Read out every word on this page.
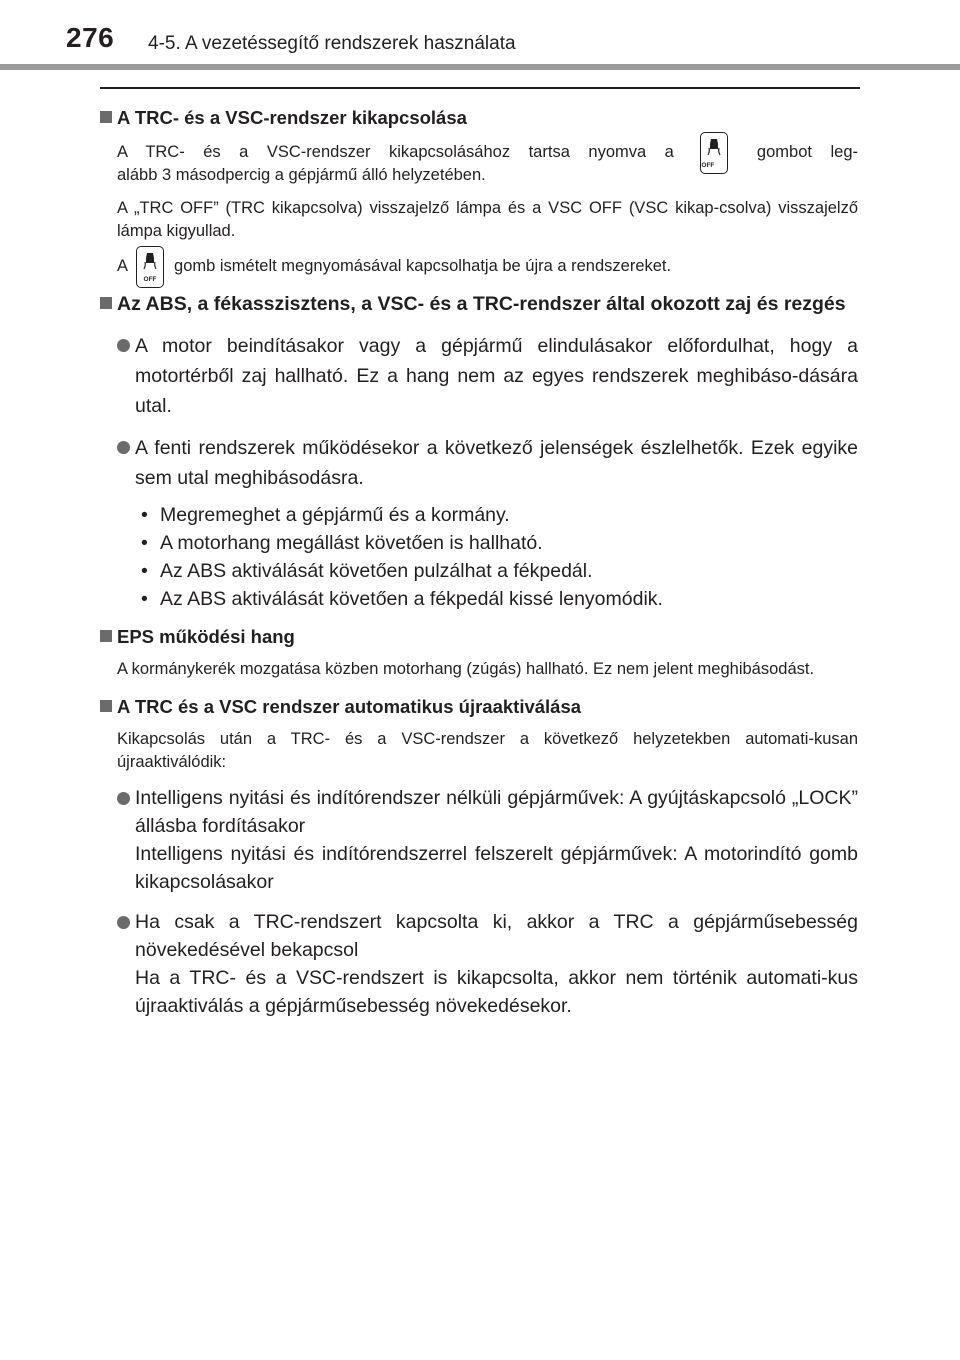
276 4-5. A vezetéssegítő rendszerek használata
A TRC- és a VSC-rendszer kikapcsolása
A TRC- és a VSC-rendszer kikapcsolásához tartsa nyomva a
OFF
gombot leg-
alább 3 másodpercig a gépjármű álló helyzetében.
A „TRC OFF” (TRC kikapcsolva) visszajelző lámpa és a VSC OFF (VSC kikap-csolva) visszajelző lámpa kigyullad.
A
OFF
gomb ismételt megnyomásával kapcsolhatja be újra a rendszereket.
Az ABS, a fékasszisztens, a VSC- és a TRC-rendszer által okozott zaj és rezgés
A motor beindításakor vagy a gépjármű elindulásakor előfordulhat, hogy a motortérből zaj hallható. Ez a hang nem az egyes rendszerek meghibáso-dására utal.
A fenti rendszerek működésekor a következő jelenségek észlelhetők. Ezek egyike sem utal meghibásodásra.
• Megremeghet a gépjármű és a kormány.
• A motorhang megállást követően is hallható.
• Az ABS aktiválását követően pulzálhat a fékpedál.
• Az ABS aktiválását követően a fékpedál kissé lenyomódik.
EPS működési hang
A kormánykerék mozgatása közben motorhang (zúgás) hallható. Ez nem jelent meghibásodást.
A TRC és a VSC rendszer automatikus újraaktiválása
Kikapcsolás után a TRC- és a VSC-rendszer a következő helyzetekben automati-kusan újraaktiválódik:
Intelligens nyitási és indítórendszer nélküli gépjárművek: A gyújtáskapcsoló „LOCK” állásba fordításakor
Intelligens nyitási és indítórendszerrel felszerelt gépjárművek: A motorindító gomb kikapcsolásakor
Ha csak a TRC-rendszert kapcsolta ki, akkor a TRC a gépjárműsebesség növekedésével bekapcsol
Ha a TRC- és a VSC-rendszert is kikapcsolta, akkor nem történik automati-kus újraaktiválás a gépjárműsebesség növekedésekor.
